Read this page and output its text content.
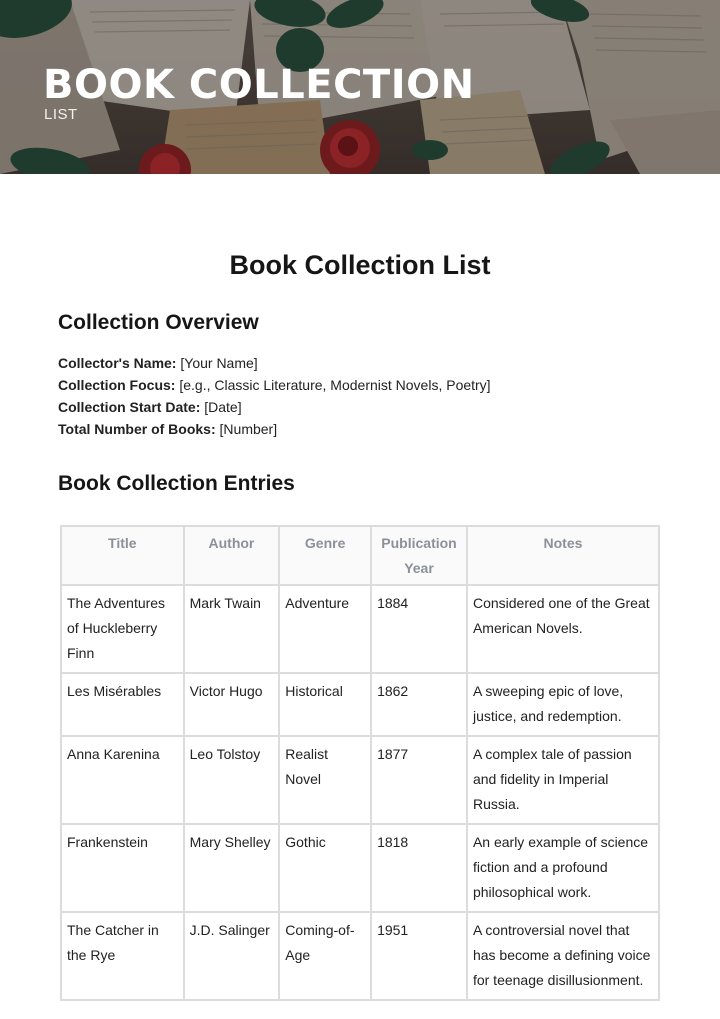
BOOK COLLECTION
LIST
Book Collection List
Collection Overview
Collector's Name: [Your Name]
Collection Focus: [e.g., Classic Literature, Modernist Novels, Poetry]
Collection Start Date: [Date]
Total Number of Books: [Number]
Book Collection Entries
Title	Author	Genre	Publication Year	Notes
The Adventures of Huckleberry Finn	Mark Twain	Adventure	1884	Considered one of the Great American Novels.
Les Misérables	Victor Hugo	Historical	1862	A sweeping epic of love, justice, and redemption.
Anna Karenina	Leo Tolstoy	Realist Novel	1877	A complex tale of passion and fidelity in Imperial Russia.
Frankenstein	Mary Shelley	Gothic	1818	An early example of science fiction and a profound philosophical work.
The Catcher in the Rye	J.D. Salinger	Coming-of-Age	1951	A controversial novel that has become a defining voice for teenage disillusionment.
